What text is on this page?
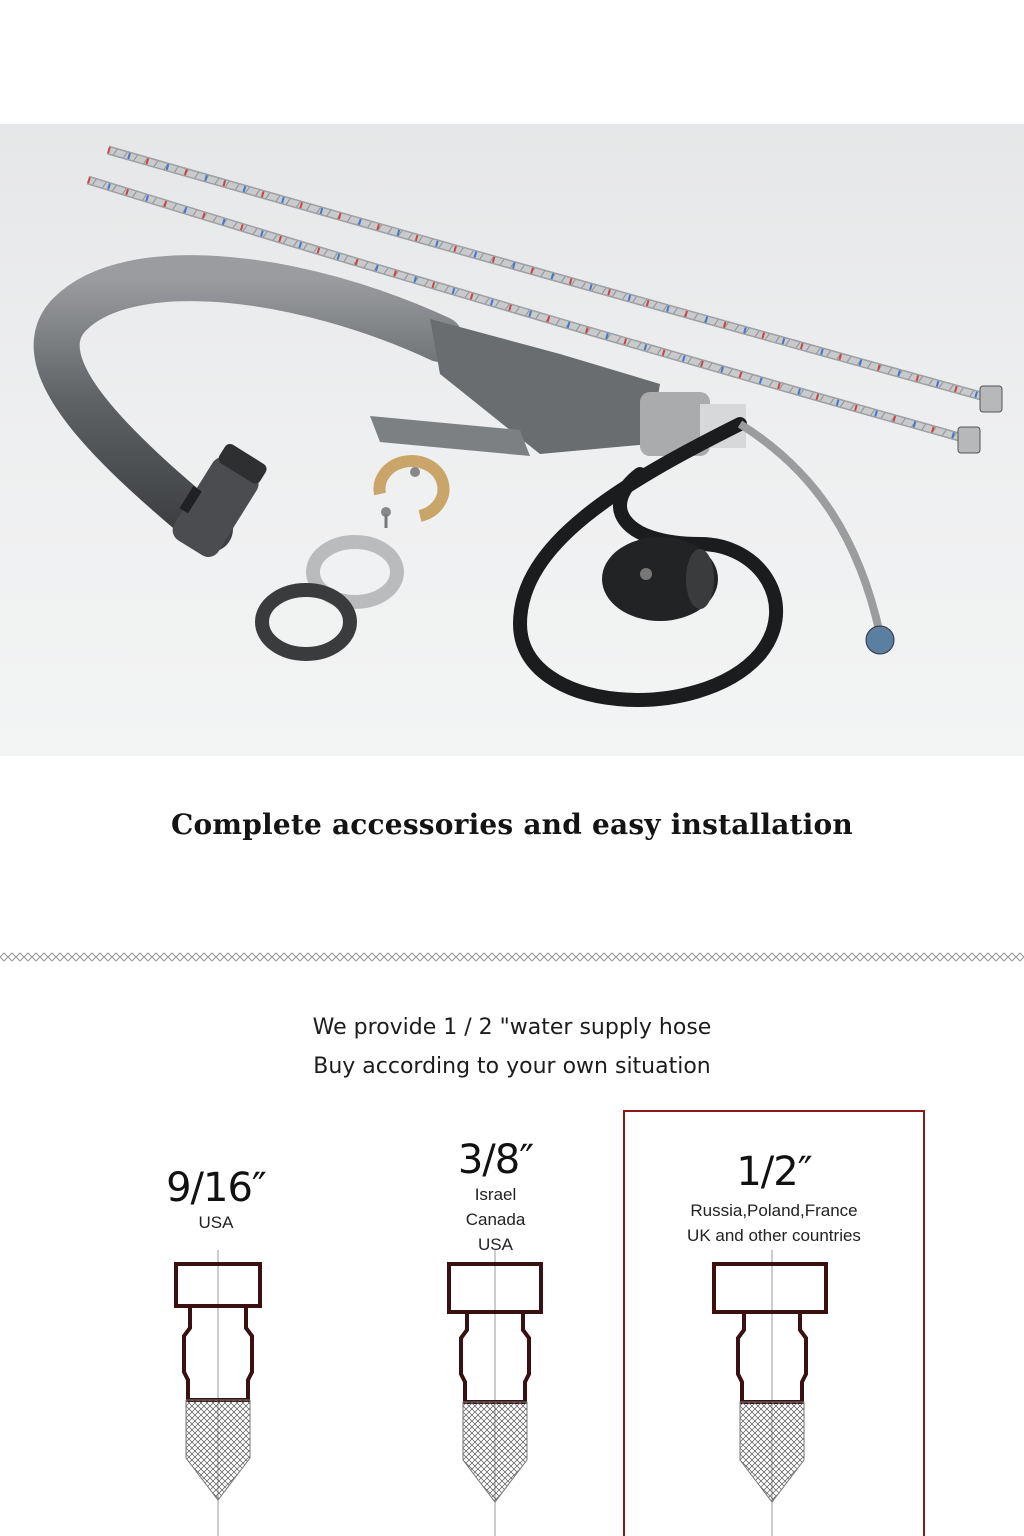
Complete accessories and easy installation
We provide 1 / 2 "water supply hose
Buy according to your own situation
9/16″
USA
3/8″
Israel
Canada
USA
1/2″
Russia,Poland,France
UK and other countries
